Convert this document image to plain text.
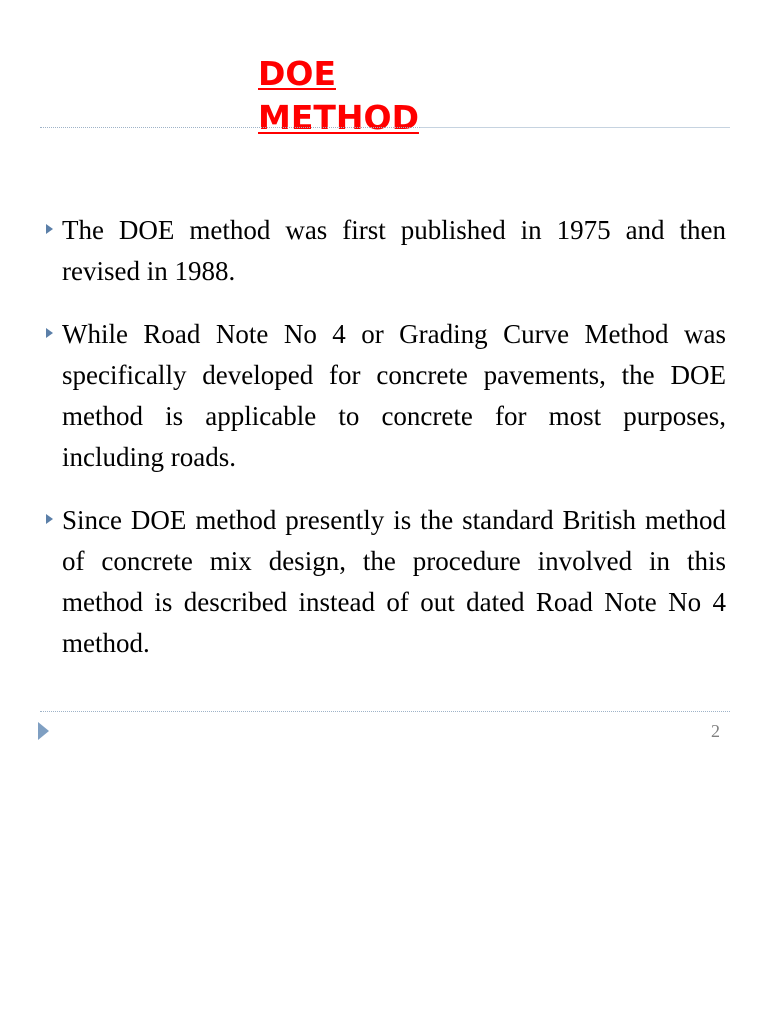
DOE
METHOD
The DOE method was first published in 1975 and then revised in 1988.
While Road Note No 4 or Grading Curve Method was specifically developed for concrete pavements, the DOE method is applicable to concrete for most purposes, including roads.
Since DOE method presently is the standard British method of concrete mix design, the procedure involved in this method is described instead of out dated Road Note No 4 method.
2
